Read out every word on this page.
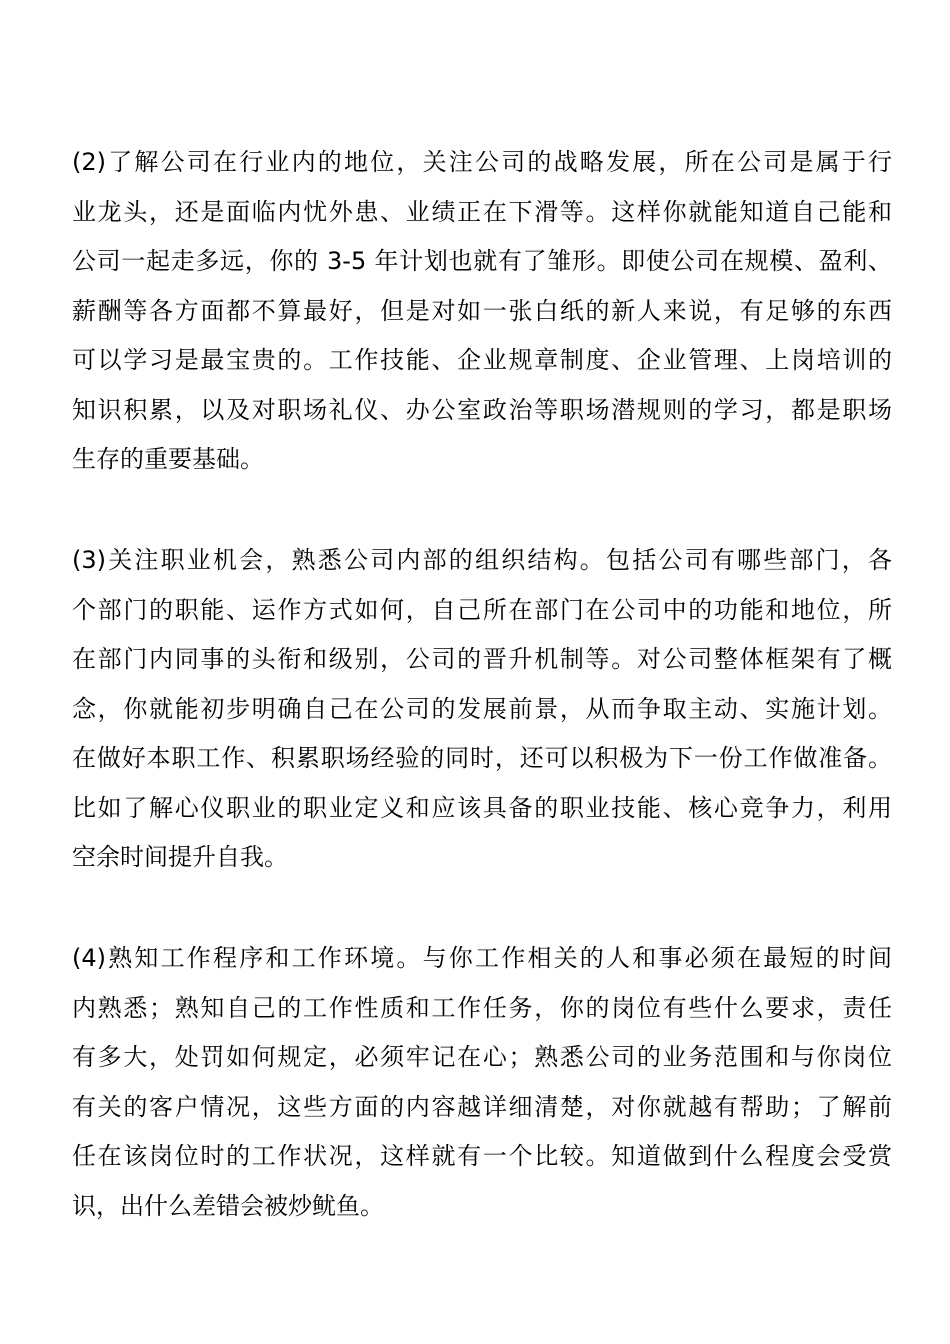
(2)了解公司在行业内的地位，关注公司的战略发展，所在公司是属于行
业龙头，还是面临内忧外患、业绩正在下滑等。这样你就能知道自己能和
公司一起走多远，你的 3-5 年计划也就有了雏形。即使公司在规模、盈利、
薪酬等各方面都不算最好，但是对如一张白纸的新人来说，有足够的东西
可以学习是最宝贵的。工作技能、企业规章制度、企业管理、上岗培训的
知识积累，以及对职场礼仪、办公室政治等职场潜规则的学习，都是职场
生存的重要基础。

(3)关注职业机会，熟悉公司内部的组织结构。包括公司有哪些部门，各
个部门的职能、运作方式如何，自己所在部门在公司中的功能和地位，所
在部门内同事的头衔和级别，公司的晋升机制等。对公司整体框架有了概
念，你就能初步明确自己在公司的发展前景，从而争取主动、实施计划。
在做好本职工作、积累职场经验的同时，还可以积极为下一份工作做准备。
比如了解心仪职业的职业定义和应该具备的职业技能、核心竞争力，利用
空余时间提升自我。

(4)熟知工作程序和工作环境。与你工作相关的人和事必须在最短的时间
内熟悉；熟知自己的工作性质和工作任务，你的岗位有些什么要求，责任
有多大，处罚如何规定，必须牢记在心；熟悉公司的业务范围和与你岗位
有关的客户情况，这些方面的内容越详细清楚，对你就越有帮助；了解前
任在该岗位时的工作状况，这样就有一个比较。知道做到什么程度会受赏
识，出什么差错会被炒鱿鱼。
